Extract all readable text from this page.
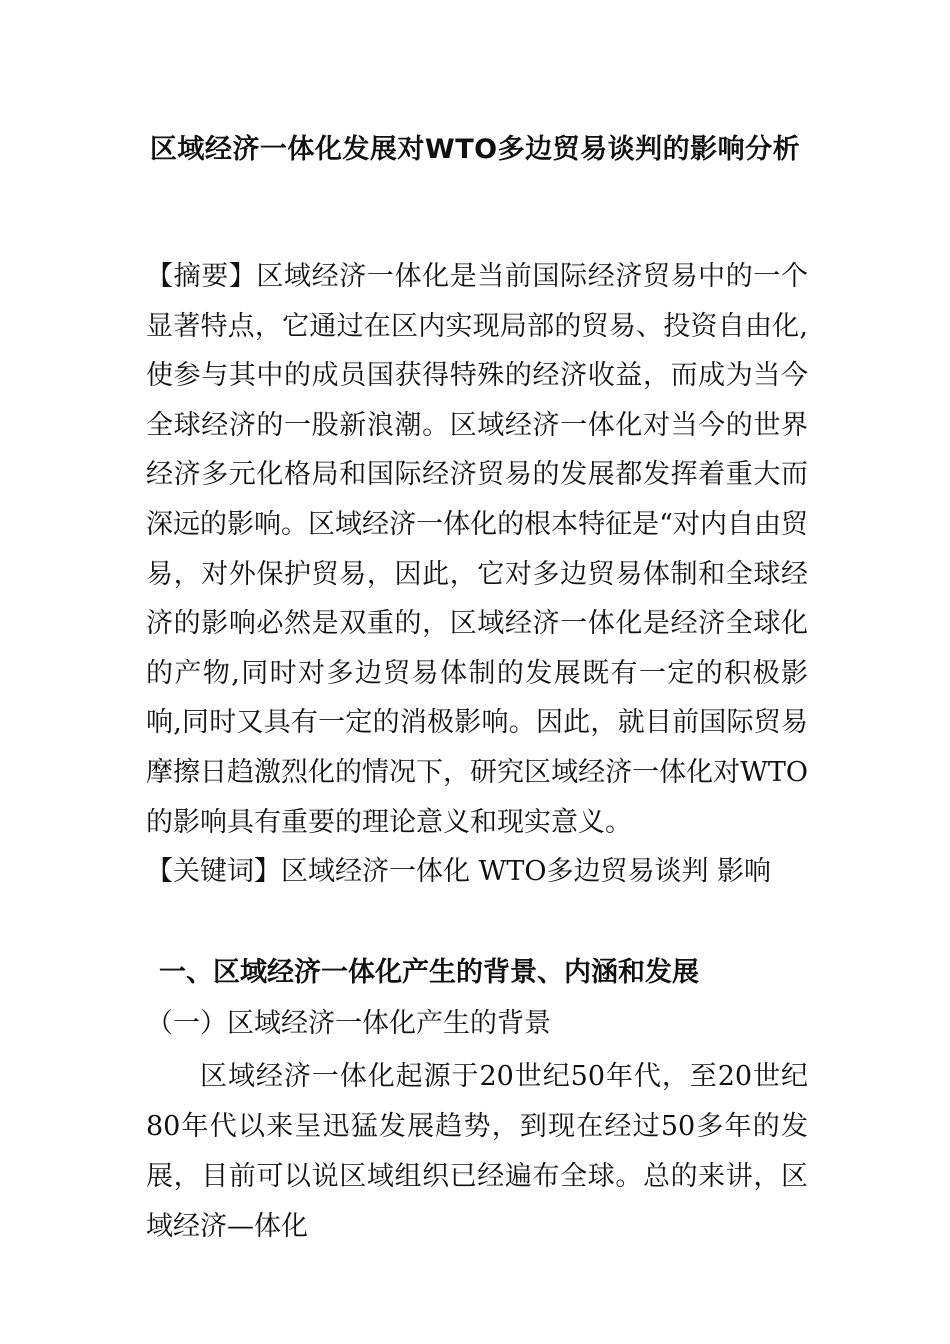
区域经济一体化发展对WTO多边贸易谈判的影响分析

【摘要】区域经济一体化是当前国际经济贸易中的一个显著特点，它通过在区内实现局部的贸易、投资自由化,使参与其中的成员国获得特殊的经济收益，而成为当今全球经济的一股新浪潮。区域经济一体化对当今的世界经济多元化格局和国际经济贸易的发展都发挥着重大而深远的影响。区域经济一体化的根本特征是“对内自由贸易，对外保护贸易，因此，它对多边贸易体制和全球经济的影响必然是双重的，区域经济一体化是经济全球化的产物,同时对多边贸易体制的发展既有一定的积极影响,同时又具有一定的消极影响。因此，就目前国际贸易摩擦日趋激烈化的情况下，研究区域经济一体化对WTO的影响具有重要的理论意义和现实意义。

【关键词】区域经济一体化 WTO多边贸易谈判 影响

一、区域经济一体化产生的背景、内涵和发展

（一）区域经济一体化产生的背景

区域经济一体化起源于20世纪50年代，至20世纪80年代以来呈迅猛发展趋势，到现在经过50多年的发展，目前可以说区域组织已经遍布全球。总的来讲，区域经济—体化
